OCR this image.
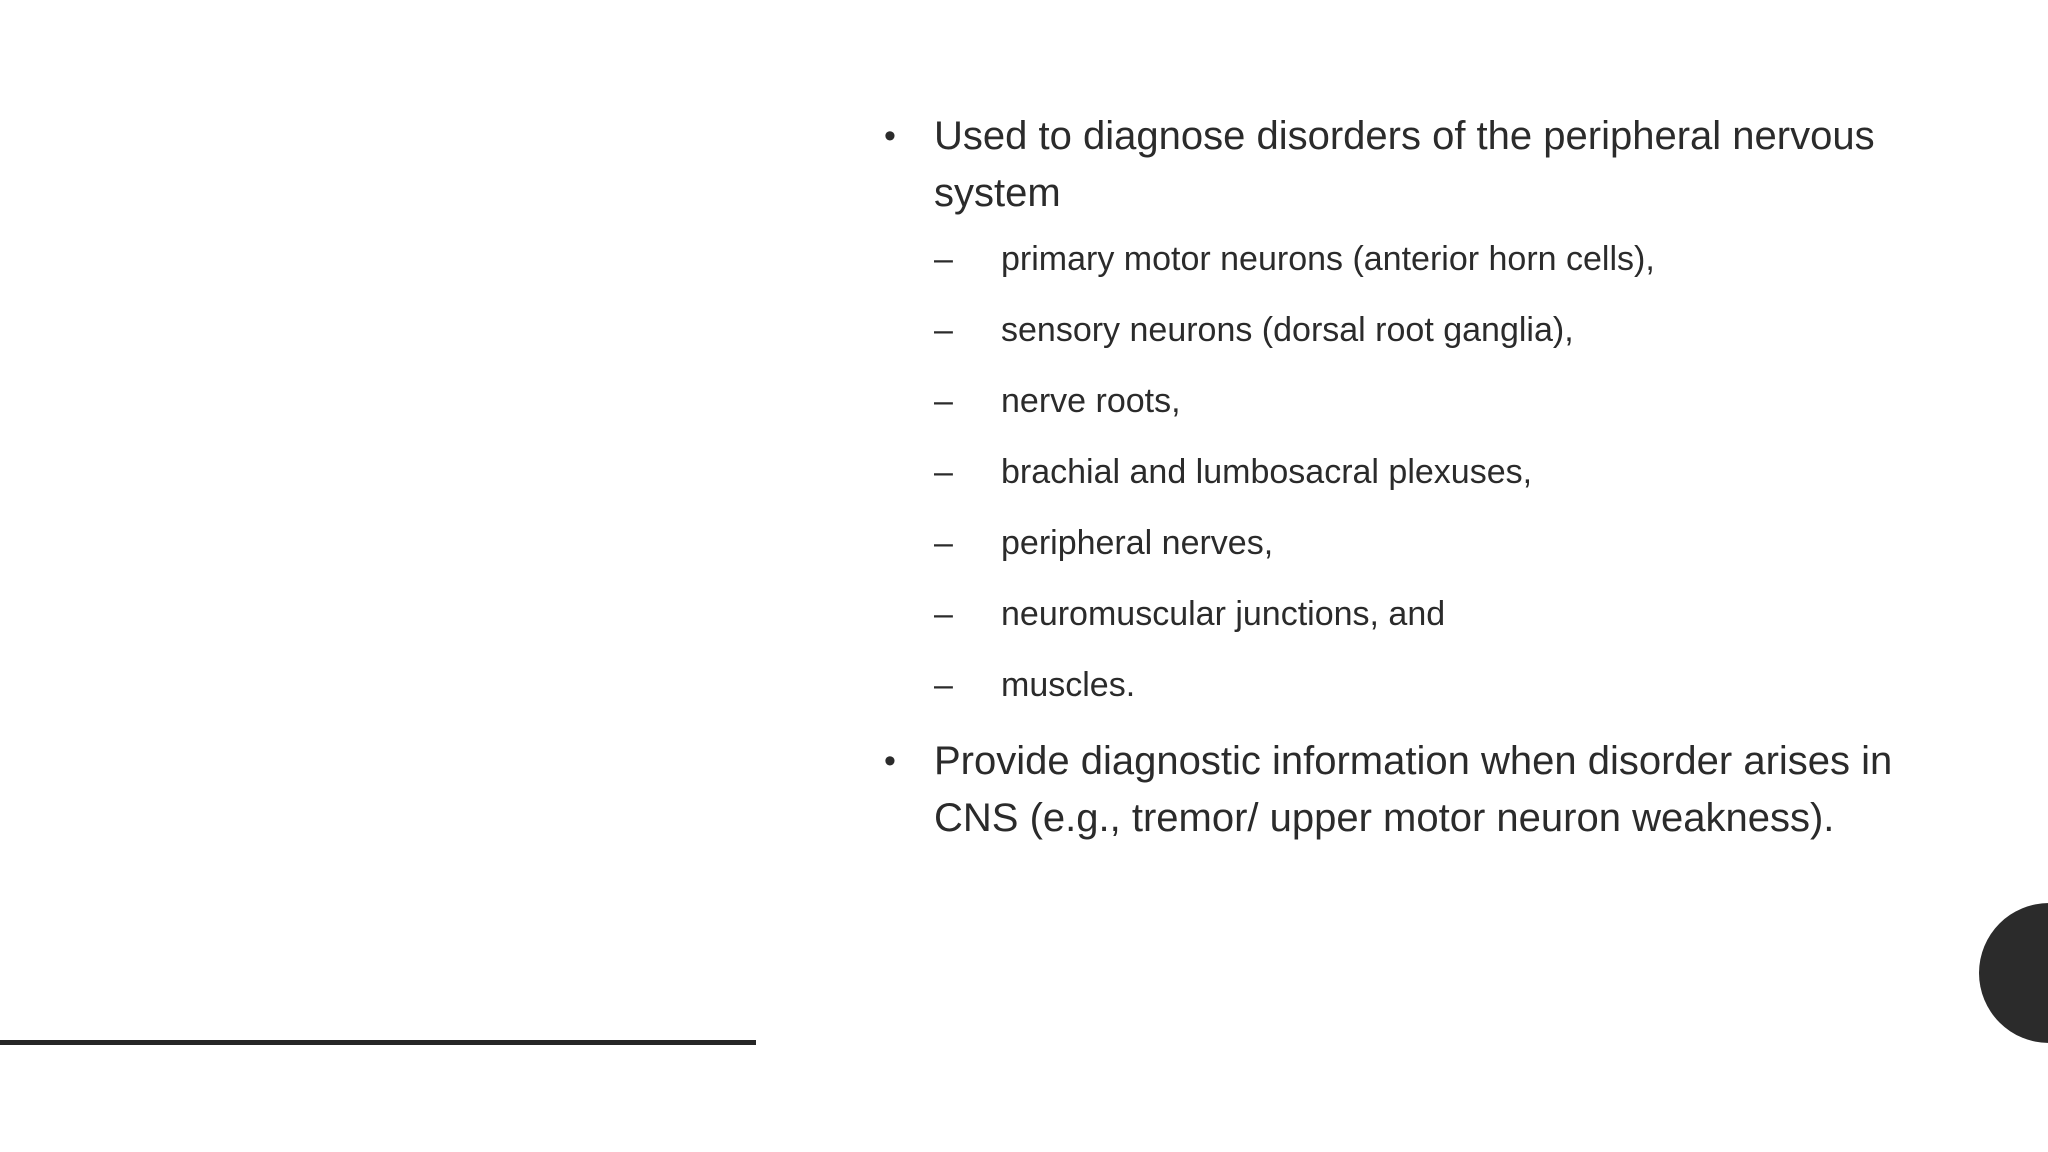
• Used to diagnose disorders of the peripheral nervous system
– primary motor neurons (anterior horn cells),
– sensory neurons (dorsal root ganglia),
– nerve roots,
– brachial and lumbosacral plexuses,
– peripheral nerves,
– neuromuscular junctions, and
– muscles.
• Provide diagnostic information when disorder arises in CNS (e.g., tremor/ upper motor neuron weakness).
